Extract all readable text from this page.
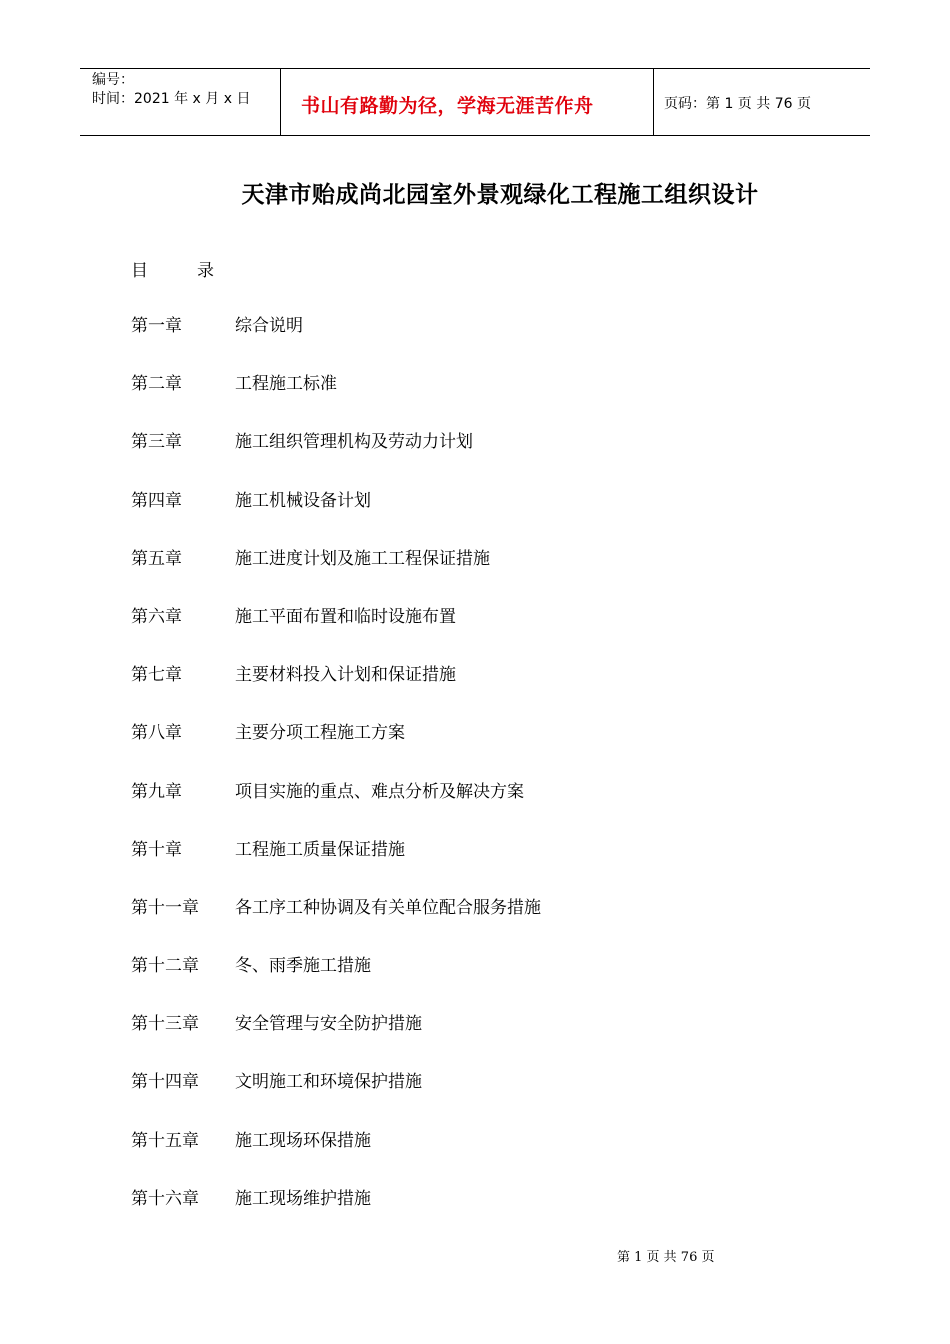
编号：
时间：2021 年 x 月 x 日	书山有路勤为径，学海无涯苦作舟	页码：第 1 页 共 76 页
天津市贻成尚北园室外景观绿化工程施工组织设计
目	录
第一章	综合说明
第二章	工程施工标准
第三章	施工组织管理机构及劳动力计划
第四章	施工机械设备计划
第五章	施工进度计划及施工工程保证措施
第六章	施工平面布置和临时设施布置
第七章	主要材料投入计划和保证措施
第八章	主要分项工程施工方案
第九章	项目实施的重点、难点分析及解决方案
第十章	工程施工质量保证措施
第十一章	各工序工种协调及有关单位配合服务措施
第十二章	冬、雨季施工措施
第十三章	安全管理与安全防护措施
第十四章	文明施工和环境保护措施
第十五章	施工现场环保措施
第十六章	施工现场维护措施
第 1 页 共 76 页
